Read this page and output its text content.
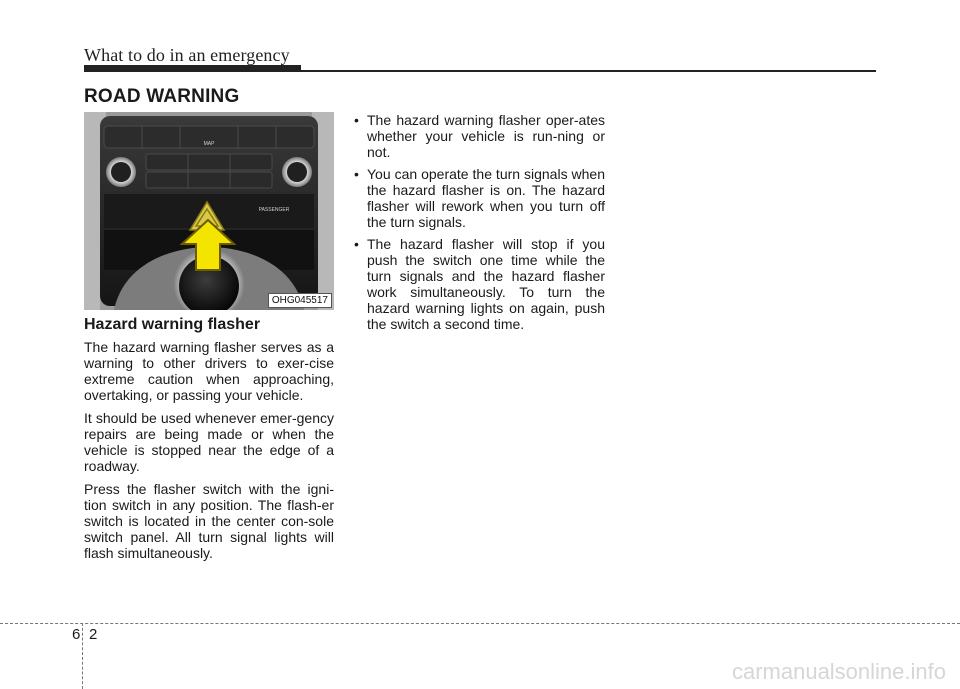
What to do in an emergency
ROAD WARNING
MAP
PASSENGER
OHG045517
Hazard warning flasher

The hazard warning flasher serves as a warning to other drivers to exer-cise extreme caution when approaching, overtaking, or passing your vehicle.

It should be used whenever emer-gency repairs are being made or when the vehicle is stopped near the edge of a roadway.

Press the flasher switch with the igni-tion switch in any position. The flash-er switch is located in the center con-sole switch panel. All turn signal lights will flash simultaneously.

• The hazard warning flasher oper-ates whether your vehicle is run-ning or not.
• You can operate the turn signals when the hazard flasher is on. The hazard flasher will rework when you turn off the turn signals.
• The hazard flasher will stop if you push the switch one time while the turn signals and the hazard flasher work simultaneously. To turn the hazard warning lights on again, push the switch a second time.
6 2
carmanualsonline.info
